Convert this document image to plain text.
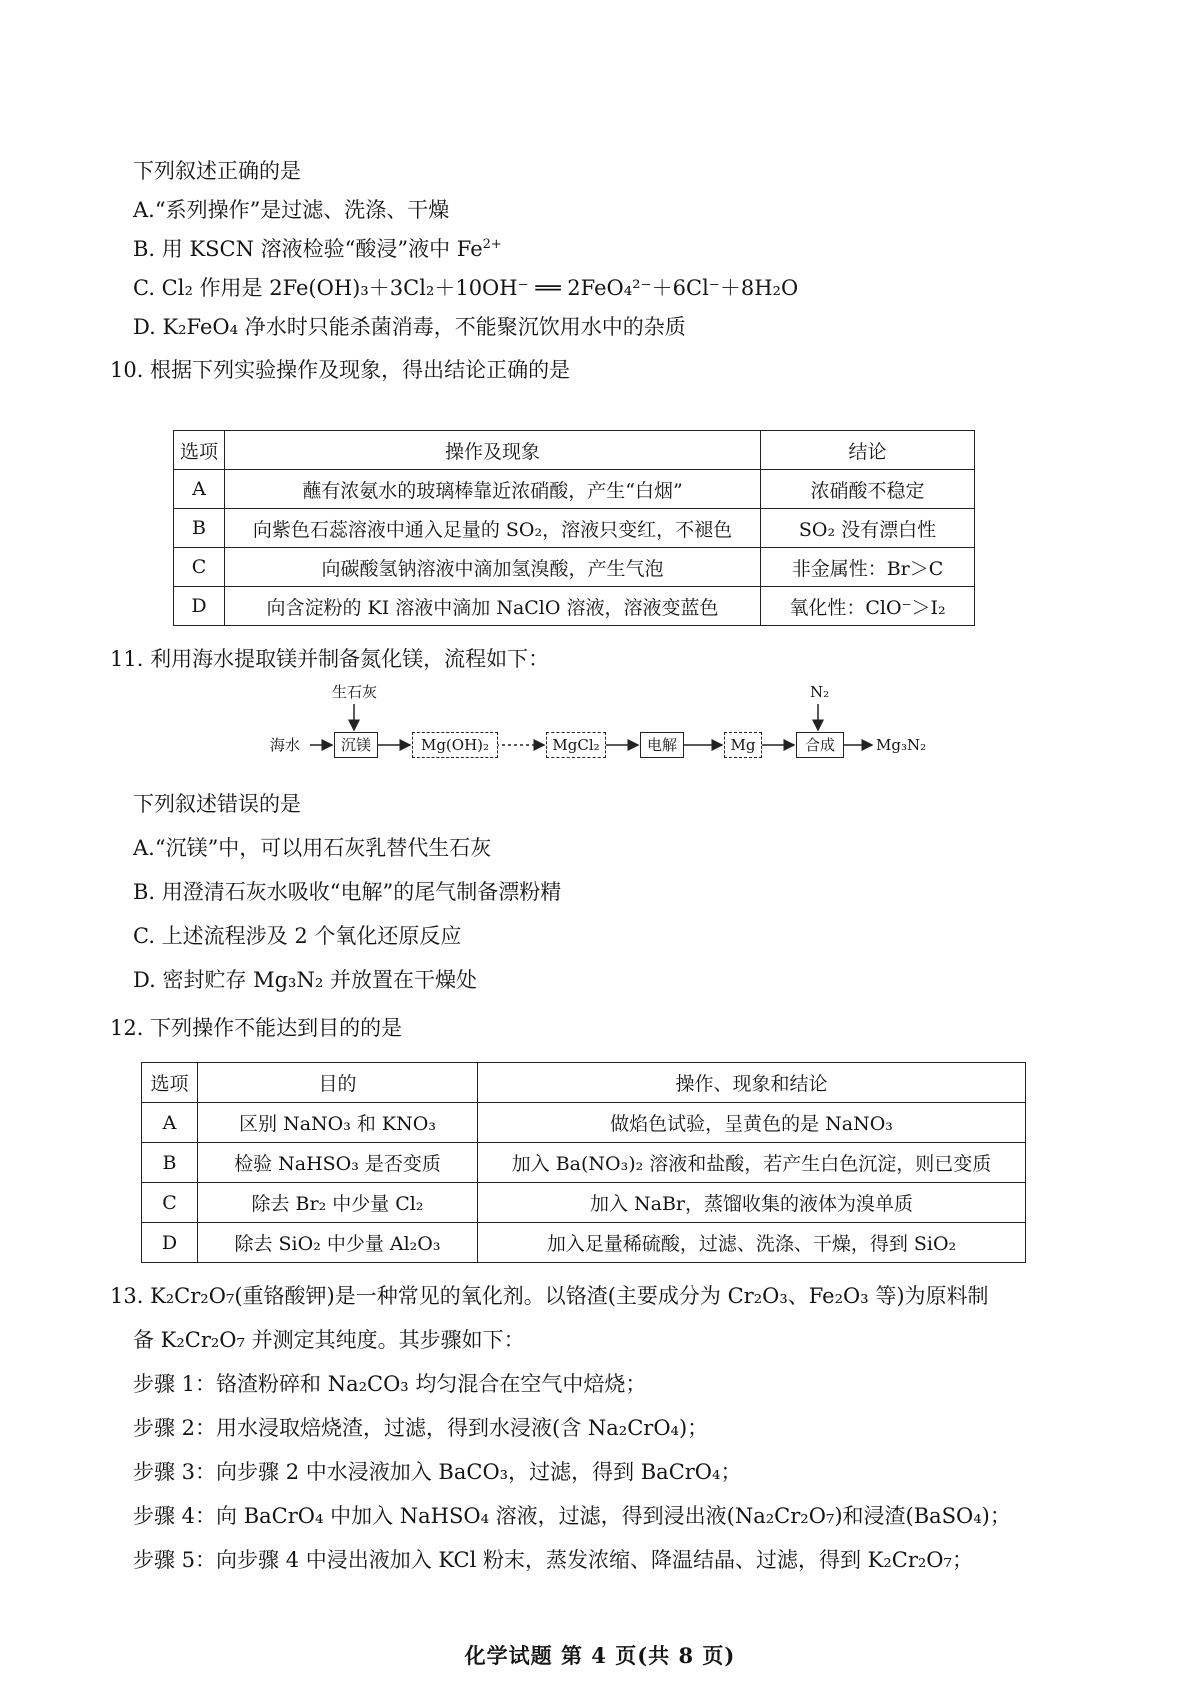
下列叙述正确的是
A.“系列操作”是过滤、洗涤、干燥
B. 用 KSCN 溶液检验“酸浸”液中 $Fe^{2+}$
C. Cl₂ 作用是 2Fe(OH)₃＋3Cl₂＋10OH⁻ ══ 2FeO₄²⁻＋6Cl⁻＋8H₂O
D. K₂FeO₄ 净水时只能杀菌消毒，不能聚沉饮用水中的杂质
10. 根据下列实验操作及现象，得出结论正确的是
选项	操作及现象	结论
A	蘸有浓氨水的玻璃棒靠近浓硝酸，产生“白烟”	浓硝酸不稳定
B	向紫色石蕊溶液中通入足量的 SO₂，溶液只变红，不褪色	SO₂ 没有漂白性
C	向碳酸氢钠溶液中滴加氢溴酸，产生气泡	非金属性：Br＞C
D	向含淀粉的 KI 溶液中滴加 NaClO 溶液，溶液变蓝色	氧化性：ClO⁻＞I₂
11. 利用海水提取镁并制备氮化镁，流程如下：
海水
生石灰
沉镁	Mg(OH)₂	MgCl₂	电解	Mg
N₂
合成	Mg₃N₂
下列叙述错误的是
A.“沉镁”中，可以用石灰乳替代生石灰
B. 用澄清石灰水吸收“电解”的尾气制备漂粉精
C. 上述流程涉及 2 个氧化还原反应
D. 密封贮存 Mg₃N₂ 并放置在干燥处
12. 下列操作不能达到目的的是
选项	目的	操作、现象和结论
A	区别 NaNO₃ 和 KNO₃	做焰色试验，呈黄色的是 NaNO₃
B	检验 NaHSO₃ 是否变质	加入 Ba(NO₃)₂ 溶液和盐酸，若产生白色沉淀，则已变质
C	除去 Br₂ 中少量 Cl₂	加入 NaBr，蒸馏收集的液体为溴单质
D	除去 SiO₂ 中少量 Al₂O₃	加入足量稀硫酸，过滤、洗涤、干燥，得到 SiO₂
13. K₂Cr₂O₇(重铬酸钾)是一种常见的氧化剂。以铬渣(主要成分为 Cr₂O₃、Fe₂O₃ 等)为原料制
备 K₂Cr₂O₇ 并测定其纯度。其步骤如下：
步骤 1：铬渣粉碎和 Na₂CO₃ 均匀混合在空气中焙烧；
步骤 2：用水浸取焙烧渣，过滤，得到水浸液(含 Na₂CrO₄)；
步骤 3：向步骤 2 中水浸液加入 BaCO₃，过滤，得到 BaCrO₄；
步骤 4：向 BaCrO₄ 中加入 NaHSO₄ 溶液，过滤，得到浸出液(Na₂Cr₂O₇)和浸渣(BaSO₄)；
步骤 5：向步骤 4 中浸出液加入 KCl 粉末，蒸发浓缩、降温结晶、过滤，得到 K₂Cr₂O₇；
化学试题 第 4 页(共 8 页)
